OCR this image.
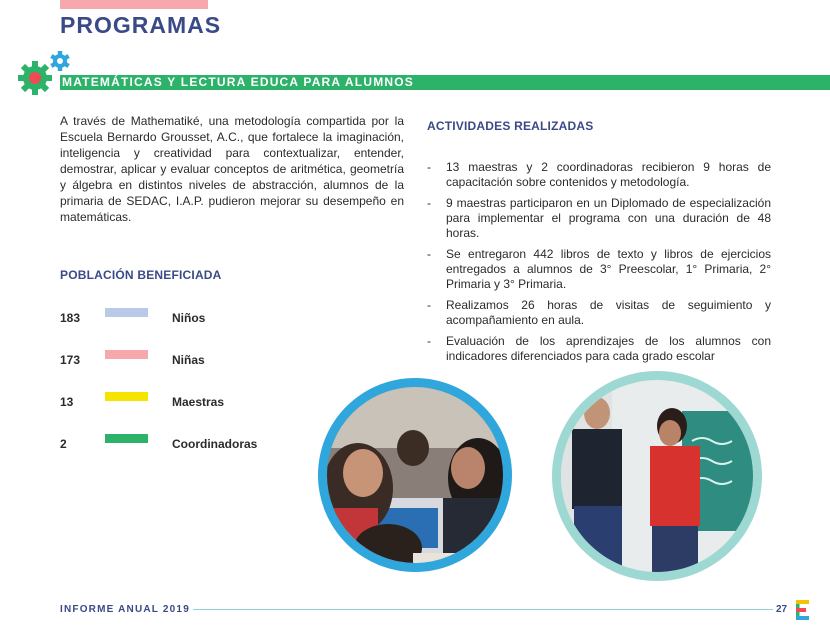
PROGRAMAS
MATEMÁTICAS Y LECTURA EDUCA PARA ALUMNOS

A través de Mathematiké, una metodología compartida por la Escuela Bernardo Grousset, A.C., que fortalece la imaginación, inteligencia y creatividad para contextualizar, entender, demostrar, aplicar y evaluar conceptos de aritmética, geometría y álgebra en distintos niveles de abstracción, alumnos de la primaria de SEDAC, I.A.P. pudieron mejorar su desempeño en matemáticas.

POBLACIÓN BENEFICIADA
183	Niños
173	Niñas
13	Maestras
2	Coordinadoras
ACTIVIDADES REALIZADAS
- 13 maestras y 2 coordinadoras recibieron 9 horas de capacitación sobre contenidos y metodología.
- 9 maestras participaron en un Diplomado de especialización para implementar el programa con una duración de 48 horas.
- Se entregaron 442 libros de texto y libros de ejercicios entregados a alumnos de 3° Preescolar, 1° Primaria, 2° Primaria y 3° Primaria.
- Realizamos 26 horas de visitas de seguimiento y acompañamiento en aula.
- Evaluación de los aprendizajes de los alumnos con indicadores diferenciados para cada grado escolar
INFORME ANUAL 2019	27
